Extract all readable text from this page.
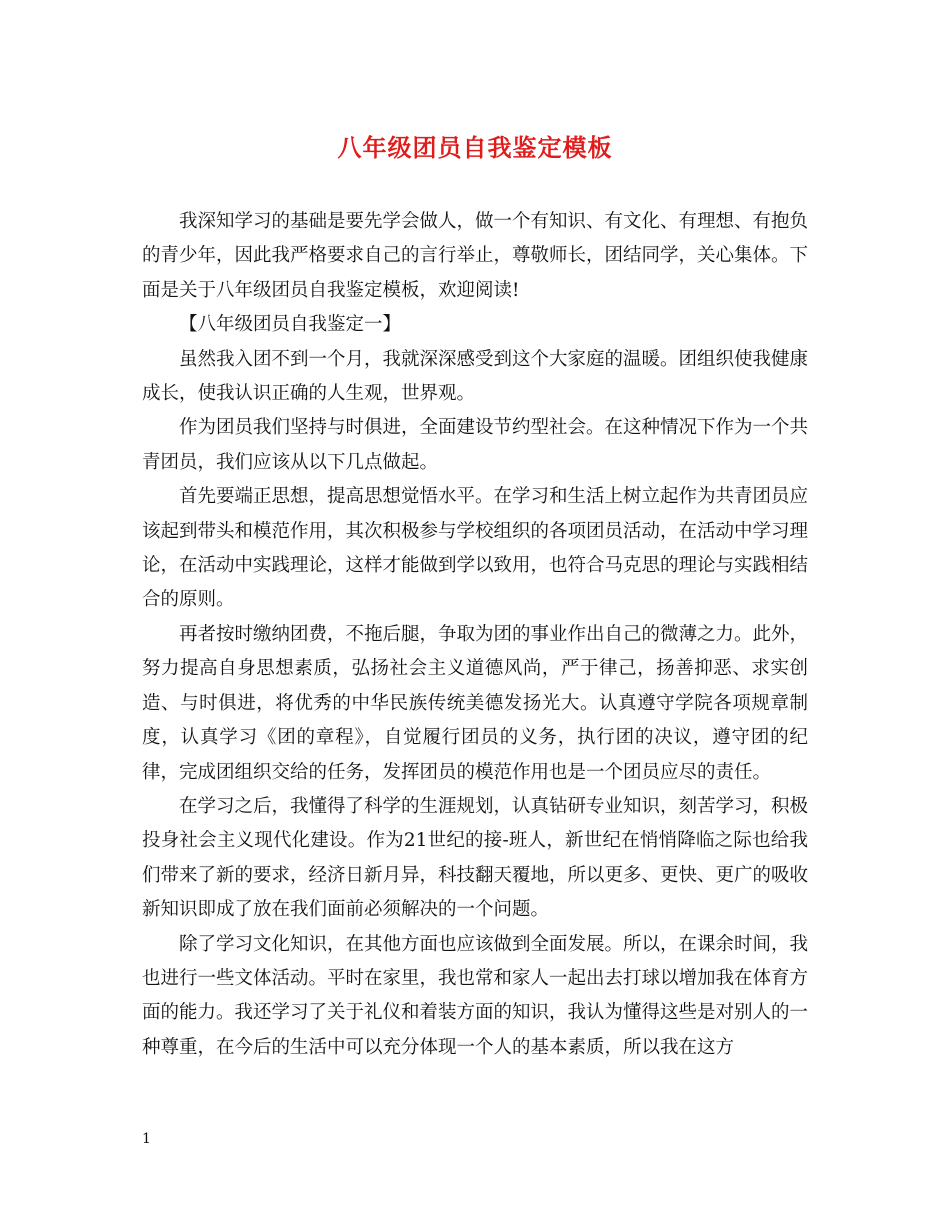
八年级团员自我鉴定模板

我深知学习的基础是要先学会做人，做一个有知识、有文化、有理想、有抱负的青少年，因此我严格要求自己的言行举止，尊敬师长，团结同学，关心集体。下面是关于八年级团员自我鉴定模板，欢迎阅读!

【八年级团员自我鉴定一】

虽然我入团不到一个月，我就深深感受到这个大家庭的温暖。团组织使我健康成长，使我认识正确的人生观，世界观。

作为团员我们坚持与时俱进，全面建设节约型社会。在这种情况下作为一个共青团员，我们应该从以下几点做起。

首先要端正思想，提高思想觉悟水平。在学习和生活上树立起作为共青团员应该起到带头和模范作用，其次积极参与学校组织的各项团员活动，在活动中学习理论，在活动中实践理论，这样才能做到学以致用，也符合马克思的理论与实践相结合的原则。

再者按时缴纳团费，不拖后腿，争取为团的事业作出自己的微薄之力。此外，努力提高自身思想素质，弘扬社会主义道德风尚，严于律己，扬善抑恶、求实创造、与时俱进，将优秀的中华民族传统美德发扬光大。认真遵守学院各项规章制度，认真学习《团的章程》，自觉履行团员的义务，执行团的决议，遵守团的纪律，完成团组织交给的任务，发挥团员的模范作用也是一个团员应尽的责任。

在学习之后，我懂得了科学的生涯规划，认真钻研专业知识，刻苦学习，积极投身社会主义现代化建设。作为21世纪的接-班人，新世纪在悄悄降临之际也给我们带来了新的要求，经济日新月异，科技翻天覆地，所以更多、更快、更广的吸收新知识即成了放在我们面前必须解决的一个问题。

除了学习文化知识，在其他方面也应该做到全面发展。所以，在课余时间，我也进行一些文体活动。平时在家里，我也常和家人一起出去打球以增加我在体育方面的能力。我还学习了关于礼仪和着装方面的知识，我认为懂得这些是对别人的一种尊重，在今后的生活中可以充分体现一个人的基本素质，所以我在这方

1
